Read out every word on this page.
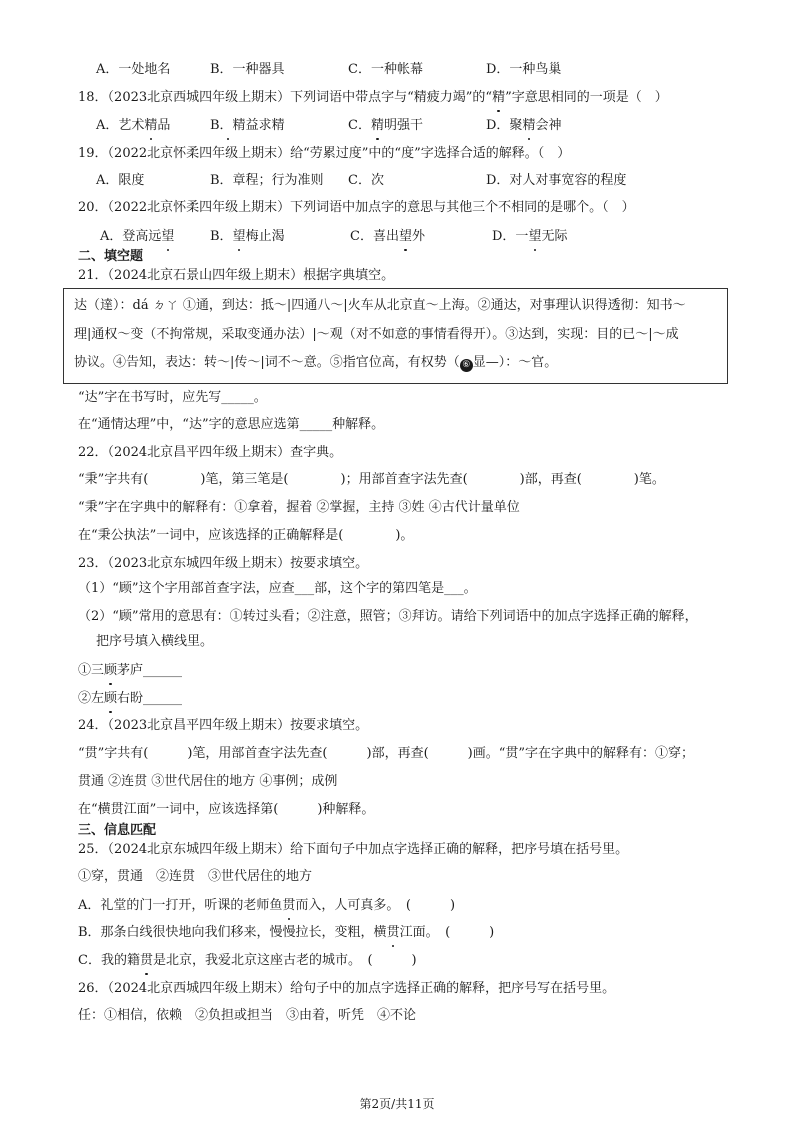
A．一处地名	B．一种器具	C．一种帐幕	D．一种鸟巢
18．（2023北京西城四年级上期末）下列词语中带点字与“精疲力竭”的“精”字意思相同的一项是（　）
A．艺术精品	B．精益求精	C．精明强干	D．聚精会神
19．（2022北京怀柔四年级上期末）给“劳累过度”中的“度”字选择合适的解释。（　）
A．限度	B．章程；行为准则 C．次	D．对人对事宽容的程度
20．（2022北京怀柔四年级上期末）下列词语中加点字的意思与其他三个不相同的是哪个。（　）
A．登高远望	B．望梅止渴	C．喜出望外	D．一望无际
二、填空题
21．（2024北京石景山四年级上期末）根据字典填空。
达（達）：dá ㄉㄚ ①通，到达：抵～|四通八～|火车从北京直～上海。②通达，对事理认识得透彻：知书～
理|通权～变（不拘常规，采取变通办法）|～观（对不如意的事情看得开）。③达到，实现：目的已～|～成
协议。④告知，表达：转～|传～|词不～意。⑤指官位高，有权势（ ⑥ 显—）：～官。
“达”字在书写时，应先写_____。
在“通情达理”中，“达”字的意思应选第_____种解释。
22．（2024北京昌平四年级上期末）查字典。
“秉”字共有(　　　　)笔，第三笔是(　　　　)；用部首查字法先查(　　　　)部，再查(　　　　)笔。
“秉”字在字典中的解释有：①拿着，握着 ②掌握，主持 ③姓 ④古代计量单位
在“秉公执法”一词中，应该选择的正确解释是(　　　　)。
23．（2023北京东城四年级上期末）按要求填空。
（1）“顾”这个字用部首查字法，应查___部，这个字的第四笔是___。
（2）“顾”常用的意思有：①转过头看；②注意，照管；③拜访。请给下列词语中的加点字选择正确的解释，
把序号填入横线里。
①三顾茅庐______
②左顾右盼______
24．（2023北京昌平四年级上期末）按要求填空。
“贯”字共有(　　　)笔，用部首查字法先查(　　　)部，再查(　　　)画。“贯”字在字典中的解释有：①穿；
贯通 ②连贯 ③世代居住的地方 ④事例；成例
在“横贯江面”一词中，应该选择第(　　　)种解释。
三、信息匹配
25．（2024北京东城四年级上期末）给下面句子中加点字选择正确的解释，把序号填在括号里。
①穿，贯通　②连贯　③世代居住的地方
A．礼堂的门一打开，听课的老师鱼贯而入，人可真多。　(　　　)
B．那条白线很快地向我们移来，慢慢拉长，变粗，横贯江面。　(　　　)
C．我的籍贯是北京，我爱北京这座古老的城市。　(　　　)
26．（2024北京西城四年级上期末）给句子中的加点字选择正确的解释，把序号写在括号里。
任：①相信，依赖　②负担或担当　③由着，听凭　④不论
第2页/共11页
